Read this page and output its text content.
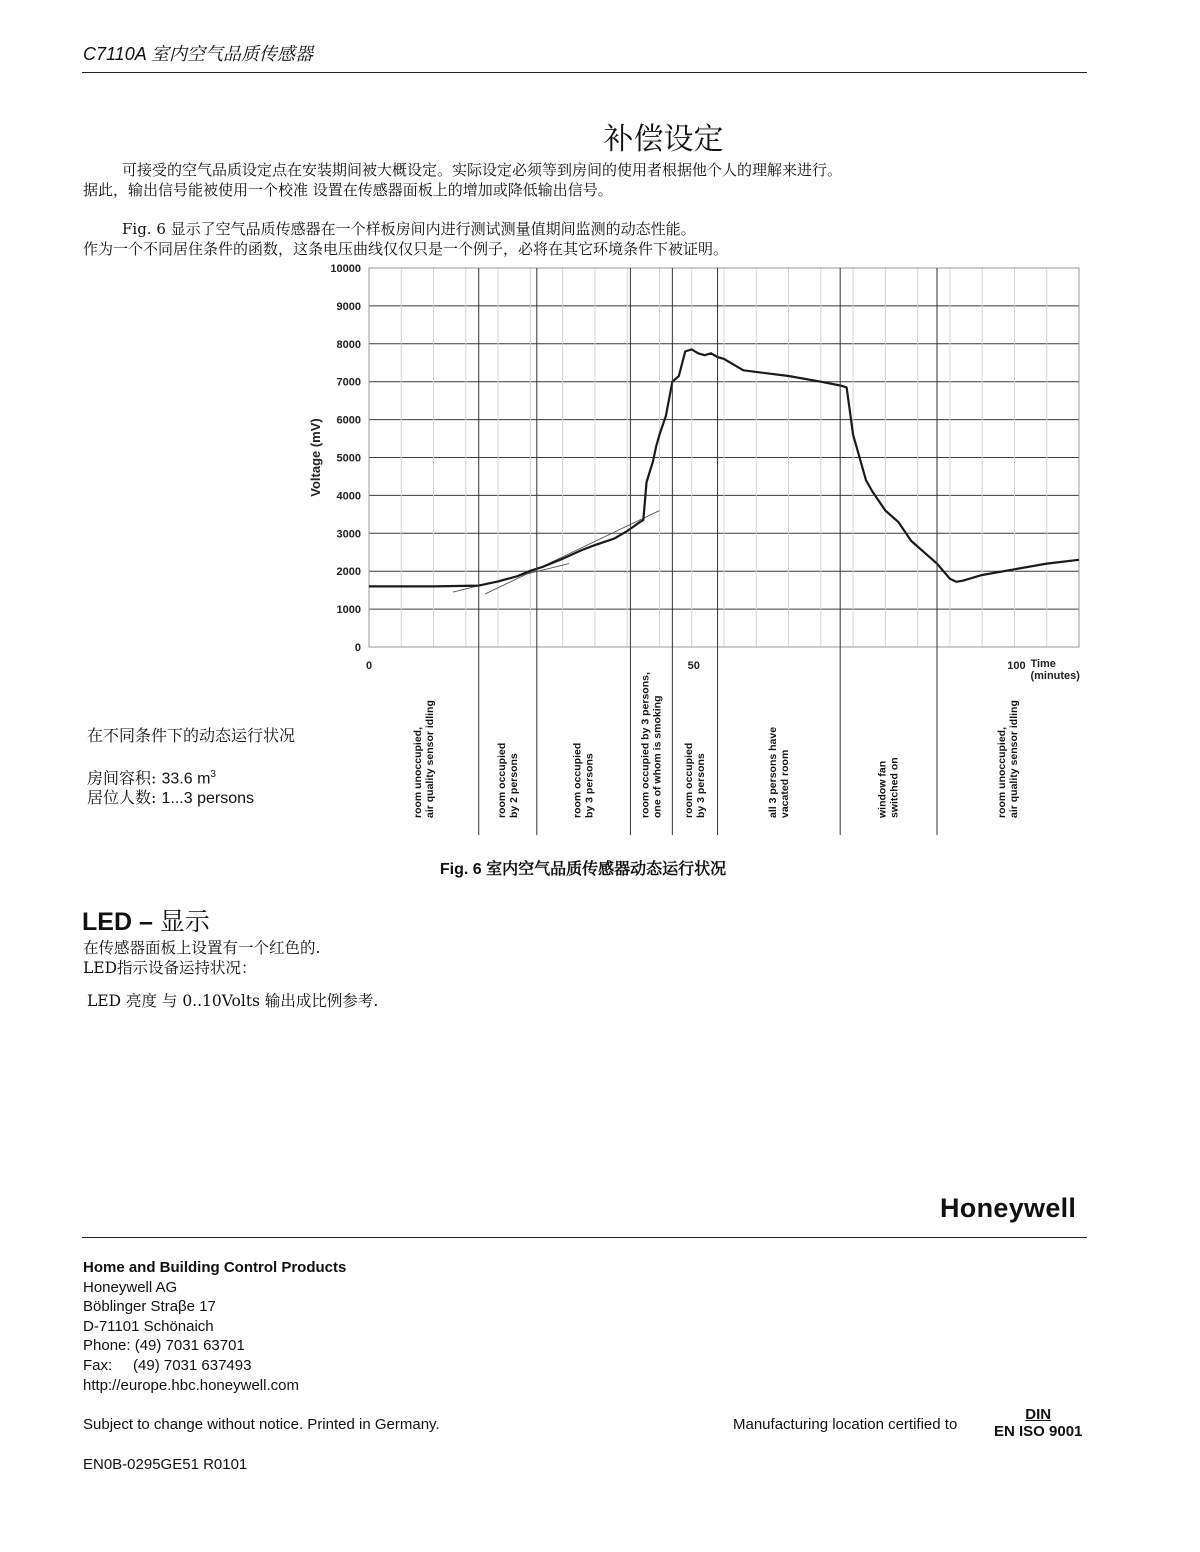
C7110A 室内空气品质传感器
补偿设定
可接受的空气品质设定点在安装期间被大概设定。实际设定必须等到房间的使用者根据他个人的理解来进行。
据此，输出信号能被使用一个校准 设置在传感器面板上的增加或降低输出信号。
Fig. 6 显示了空气品质传感器在一个样板房间内进行测试测量值期间监测的动态性能。
作为一个不同居住条件的函数，这条电压曲线仅仅只是一个例子，必将在其它环境条件下被证明。
在不同条件下的动态运行状况
房间容积: 33.6 $m^3$
居位人数: 1...3 persons
0
1000
2000
3000
4000
5000
6000
7000
8000
9000
10000
0	50	100
Voltage (mV)
Time
(minutes)
room unoccupied, air quality sensor idling	room occupied by 2 persons	room occupied by 3 persons	room occupied by 3 persons, one of whom is smoking room occupied by 3 persons	all 3 persons have vacated room	window fan switched on	room unoccupied, air quality sensor idling
Fig. 6 室内空气品质传感器动态运行状况
LED – 显示
在传感器面板上设置有一个红色的.
LED指示设备运持状况：
LED 亮度 与 0..10Volts 输出成比例参考.
Honeywell
Home and Building Control Products
Honeywell AG
Böblinger Straβe 17
D-71101 Schönaich
Phone: (49) 7031 63701
Fax:     (49) 7031 637493
http://europe.hbc.honeywell.com
Subject to change without notice. Printed in Germany.	Manufacturing location certified to
DIN
EN ISO 9001
EN0B-0295GE51 R0101
